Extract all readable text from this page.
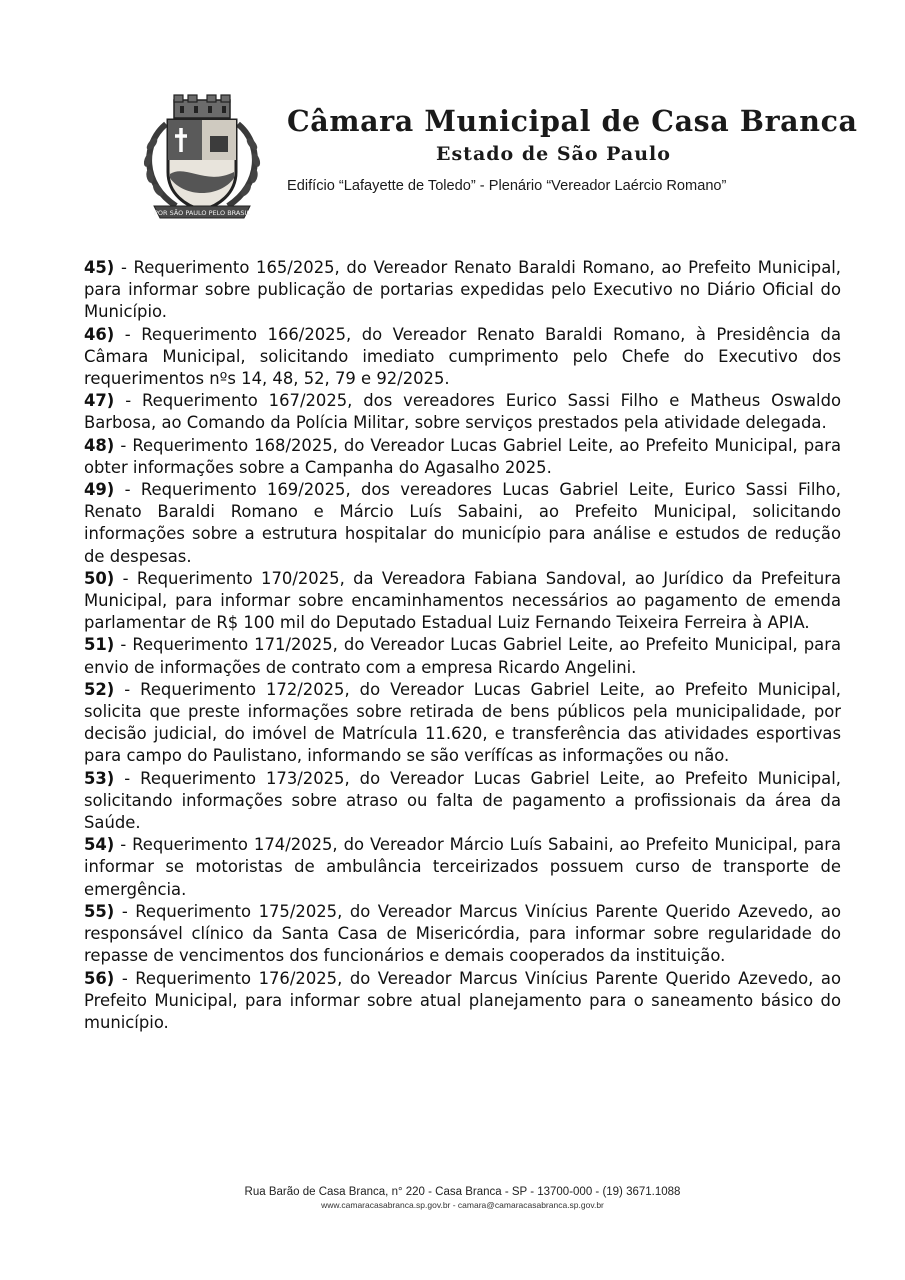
POR SÃO PAULO PELO BRASIL
Câmara Municipal de Casa Branca
Estado de São Paulo
Edifício “Lafayette de Toledo” - Plenário “Vereador Laércio Romano”

45) - Requerimento 165/2025, do Vereador Renato Baraldi Romano, ao Prefeito Municipal, para informar sobre publicação de portarias expedidas pelo Executivo no Diário Oficial do Município.

46) - Requerimento 166/2025, do Vereador Renato Baraldi Romano, à Presidência da Câmara Municipal, solicitando imediato cumprimento pelo Chefe do Executivo dos requerimentos nºs 14, 48, 52, 79 e 92/2025.

47) - Requerimento 167/2025, dos vereadores Eurico Sassi Filho e Matheus Oswaldo Barbosa, ao Comando da Polícia Militar, sobre serviços prestados pela atividade delegada.

48) - Requerimento 168/2025, do Vereador Lucas Gabriel Leite, ao Prefeito Municipal, para obter informações sobre a Campanha do Agasalho 2025.

49) - Requerimento 169/2025, dos vereadores Lucas Gabriel Leite, Eurico Sassi Filho, Renato Baraldi Romano e Márcio Luís Sabaini, ao Prefeito Municipal, solicitando informações sobre a estrutura hospitalar do município para análise e estudos de redução de despesas.

50) - Requerimento 170/2025, da Vereadora Fabiana Sandoval, ao Jurídico da Prefeitura Municipal, para informar sobre encaminhamentos necessários ao pagamento de emenda parlamentar de R$ 100 mil do Deputado Estadual Luiz Fernando Teixeira Ferreira à APIA.

51) - Requerimento 171/2025, do Vereador Lucas Gabriel Leite, ao Prefeito Municipal, para envio de informações de contrato com a empresa Ricardo Angelini.

52) - Requerimento 172/2025, do Vereador Lucas Gabriel Leite, ao Prefeito Municipal, solicita que preste informações sobre retirada de bens públicos pela municipalidade, por decisão judicial, do imóvel de Matrícula 11.620, e transferência das atividades esportivas para campo do Paulistano, informando se são verífícas as informações ou não.

53) - Requerimento 173/2025, do Vereador Lucas Gabriel Leite, ao Prefeito Municipal, solicitando informações sobre atraso ou falta de pagamento a profissionais da área da Saúde.

54) - Requerimento 174/2025, do Vereador Márcio Luís Sabaini, ao Prefeito Municipal, para informar se motoristas de ambulância terceirizados possuem curso de transporte de emergência.

55) - Requerimento 175/2025, do Vereador Marcus Vinícius Parente Querido Azevedo, ao responsável clínico da Santa Casa de Misericórdia, para informar sobre regularidade do repasse de vencimentos dos funcionários e demais cooperados da instituição.

56) - Requerimento 176/2025, do Vereador Marcus Vinícius Parente Querido Azevedo, ao Prefeito Municipal, para informar sobre atual planejamento para o saneamento básico do município.

Rua Barão de Casa Branca, n° 220 - Casa Branca - SP - 13700-000 - (19) 3671.1088
www.camaracasabranca.sp.gov.br - camara@camaracasabranca.sp.gov.br
